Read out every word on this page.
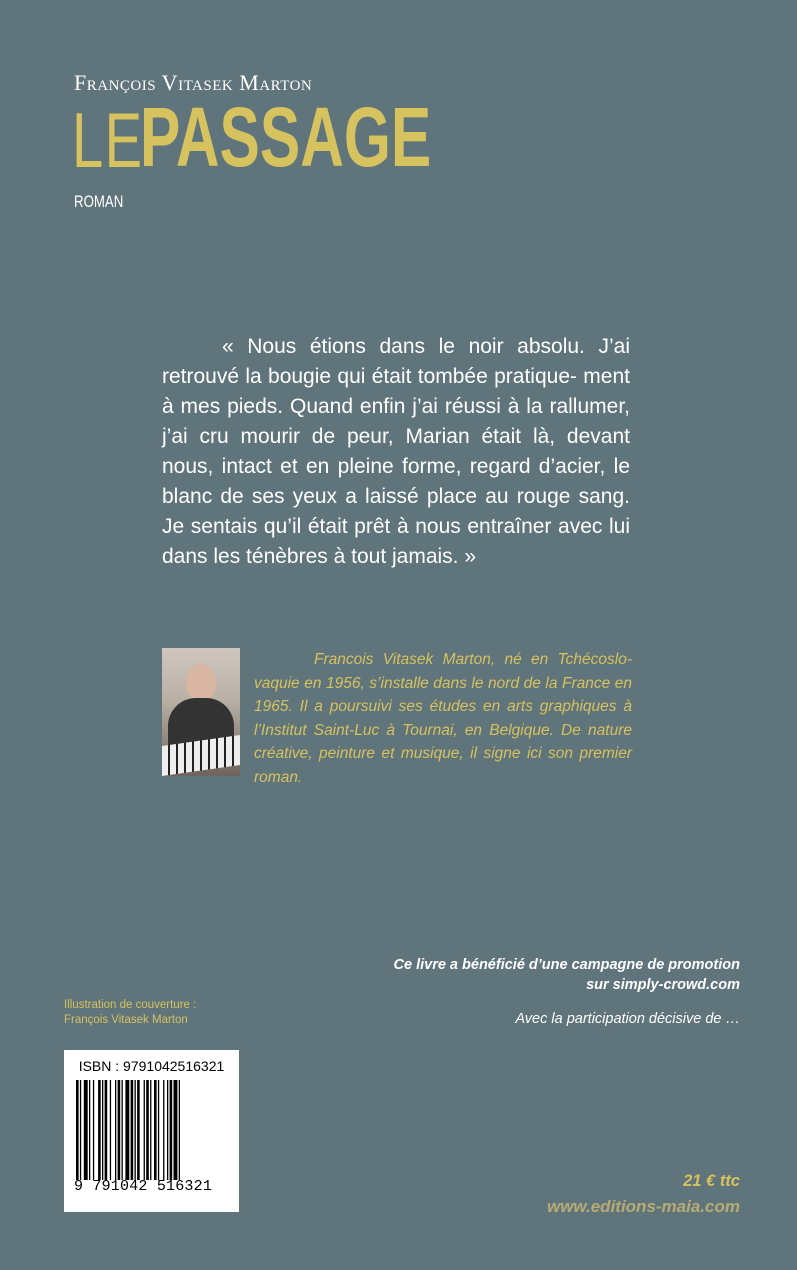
François Vitasek Marton
LE
PASSAGE
ROMAN

« Nous étions dans le noir absolu. J’ai retrouvé la bougie qui était tombée pratique- ment à mes pieds. Quand enfin j’ai réussi à la rallumer, j’ai cru mourir de peur, Marian était là, devant nous, intact et en pleine forme, regard d’acier, le blanc de ses yeux a laissé place au rouge sang. Je sentais qu’il était prêt à nous entraîner avec lui dans les ténèbres à tout jamais. »

Francois Vitasek Marton, né en Tchécoslo- vaquie en 1956, s’installe dans le nord de la France en 1965. Il a poursuivi ses études en arts graphiques à l’Institut Saint-Luc à Tournai, en Belgique. De nature créative, peinture et musique, il signe ici son premier roman.

Ce livre a bénéficié d’une campagne de promotion
sur simply-crowd.com
Avec la participation décisive de …
Illustration de couverture :
François Vitasek Marton
ISBN : 9791042516321
9 791042 516321	21 € ttc
www.editions-maia.com
